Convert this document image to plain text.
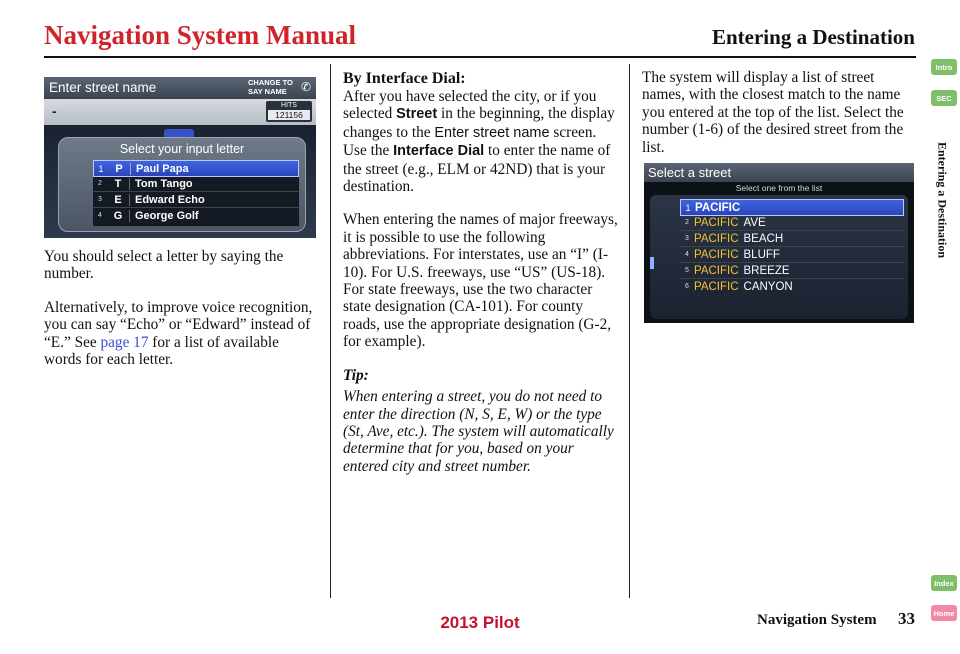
Navigation System Manual	Entering a Destination
Enter street name	CHANGE TO
SAY NAME	✆
-	HITS
121156
Select your input letter
1	P	Paul Papa
2	T	Tom Tango
3	E	Edward Echo
4	G	George Golf

You should select a letter by saying the number.

Alternatively, to improve voice recognition, you can say “Echo” or “Edward” instead of “E.” See page 17 for a list of available words for each letter.

By Interface Dial:

After you have selected the city, or if you selected Street in the beginning, the display changes to the Enter street name screen. Use the Interface Dial to enter the name of the street (e.g., ELM or 42ND) that is your destination.

When entering the names of major freeways, it is possible to use the following abbreviations. For interstates, use an “I” (I-10). For U.S. freeways, use “US” (US-18). For state freeways, use the two character state designation (CA-101). For county roads, use the appropriate designation (G-2, for example).

Tip:

When entering a street, you do not need to enter the direction (N, S, E, W) or the type (St, Ave, etc.). The system will automatically determine that for you, based on your entered city and street number.

The system will display a list of street names, with the closest match to the name you entered at the top of the list. Select the number (1-6) of the desired street from the list.

Select a street
Select one from the list
1 PACIFIC
2 PACIFIC AVE
3 PACIFIC BEACH
4 PACIFIC BLUFF
5 PACIFIC BREEZE
6 PACIFIC CANYON
Intro
SEC
Entering a Destination
Index
Home
2013 Pilot	Navigation System 33
